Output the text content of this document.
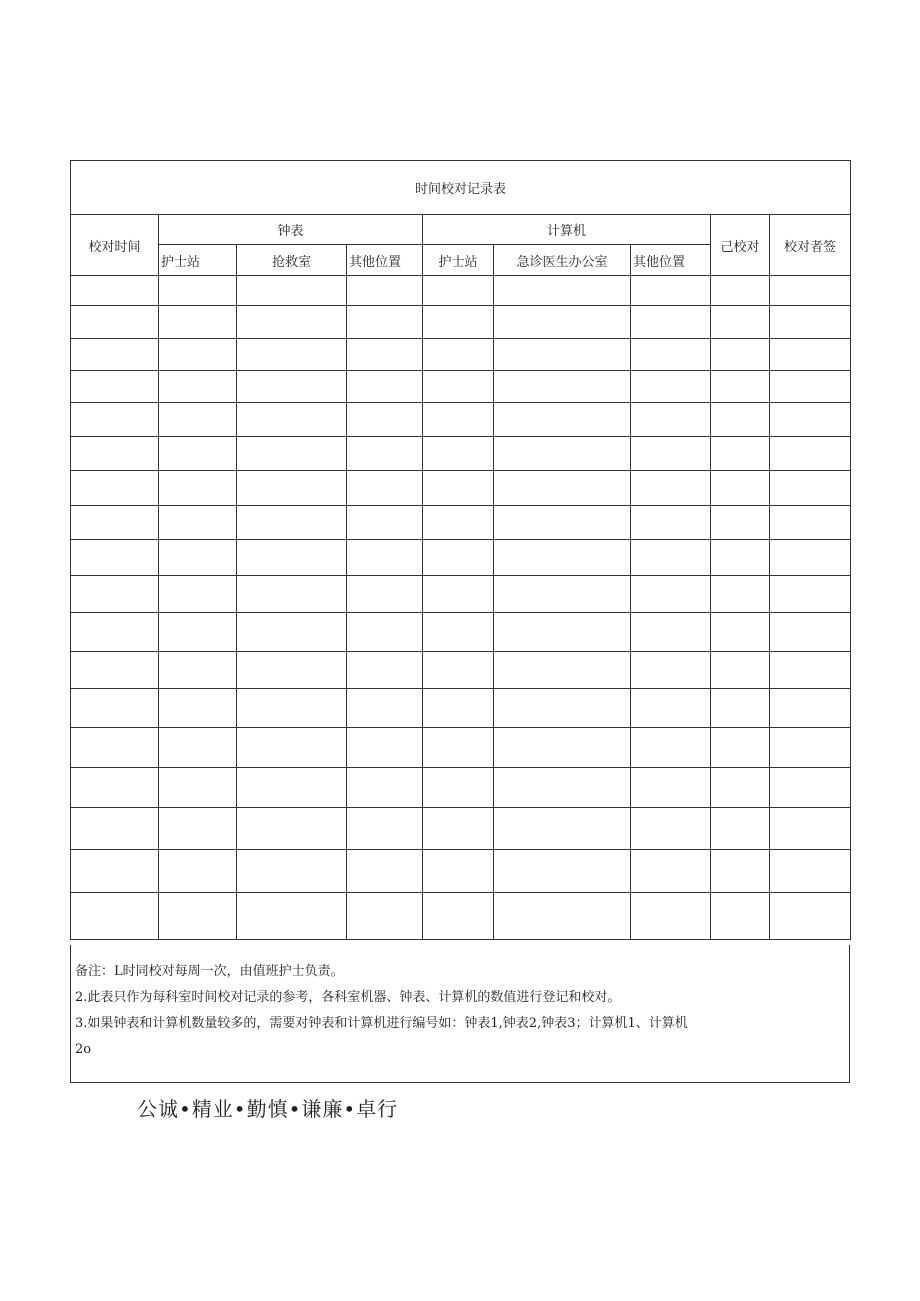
时间校对记录表								
校对时间	钟表			计算机			己校对	校对者签
	护士站	抢救室	其他位置	护士站	急诊医生办公室	其他位置		

备注：L时同校对每周一次，由值班护士负责。
2.此表只作为每科室时间校对记录的参考，各科室机器、钟表、计算机的数值进行登记和校对。
3.如果钟表和计算机数量较多的，需要对钟表和计算机进行编号如：钟表1,钟表2,钟表3；计算机1、计算机
2o
公诚•精业•勤慎•谦廉•卓行
